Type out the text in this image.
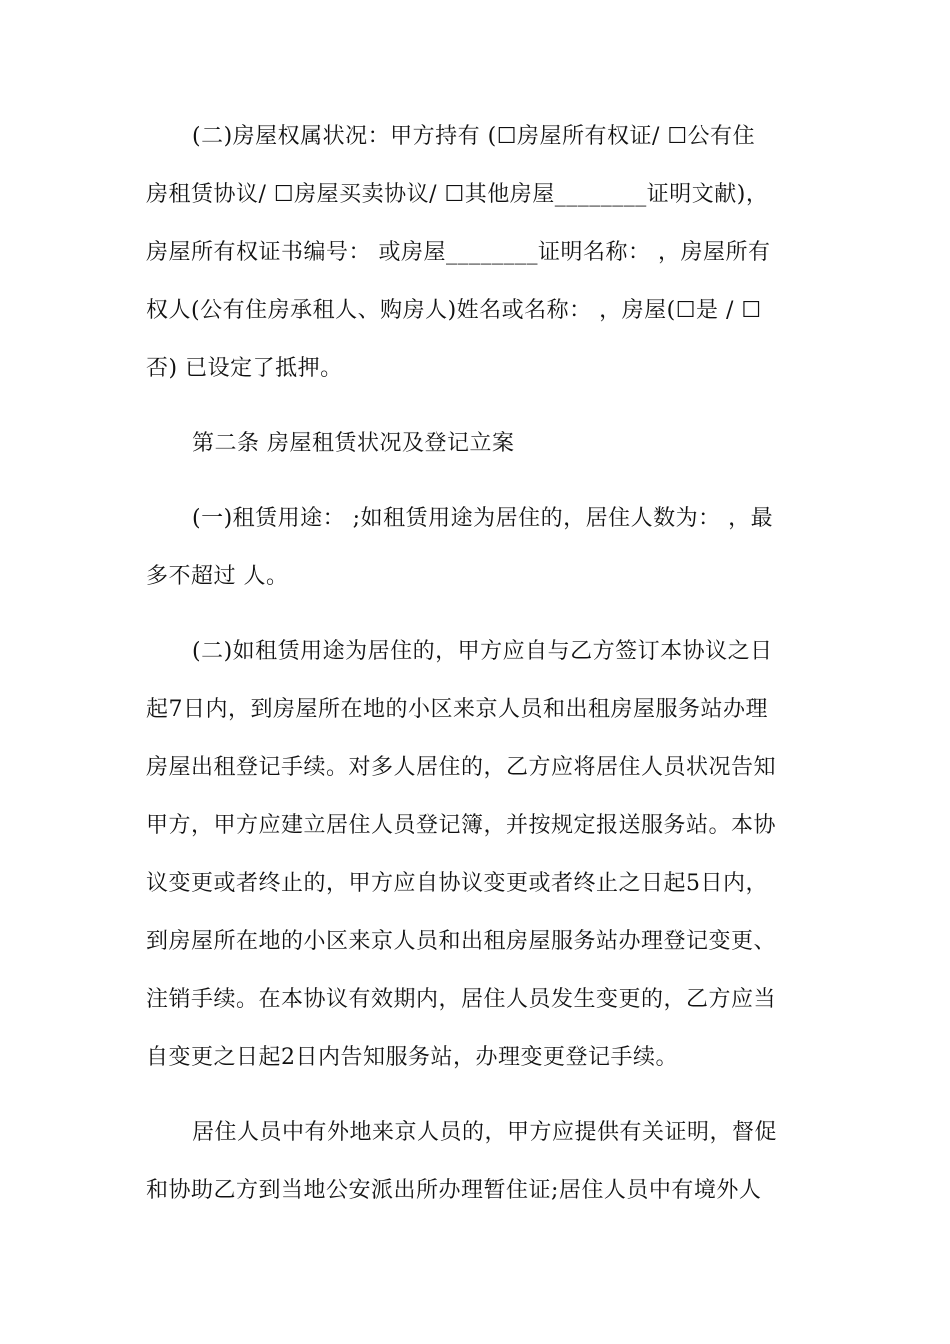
(二)房屋权属状况：甲方持有 (☐房屋所有权证/ ☐公有住
房租赁协议/ ☐房屋买卖协议/ ☐其他房屋________证明文献)，
房屋所有权证书编号： 或房屋________证明名称： ，房屋所有
权人(公有住房承租人、购房人)姓名或名称： ，房屋(☐是 / ☐
否) 已设定了抵押。
第二条 房屋租赁状况及登记立案
(一)租赁用途： ;如租赁用途为居住的，居住人数为： ，最
多不超过 人。
(二)如租赁用途为居住的，甲方应自与乙方签订本协议之日
起7日内，到房屋所在地的小区来京人员和出租房屋服务站办理
房屋出租登记手续。对多人居住的，乙方应将居住人员状况告知
甲方，甲方应建立居住人员登记簿，并按规定报送服务站。本协
议变更或者终止的，甲方应自协议变更或者终止之日起5日内，
到房屋所在地的小区来京人员和出租房屋服务站办理登记变更、
注销手续。在本协议有效期内，居住人员发生变更的，乙方应当
自变更之日起2日内告知服务站，办理变更登记手续。
居住人员中有外地来京人员的，甲方应提供有关证明，督促
和协助乙方到当地公安派出所办理暂住证;居住人员中有境外人
